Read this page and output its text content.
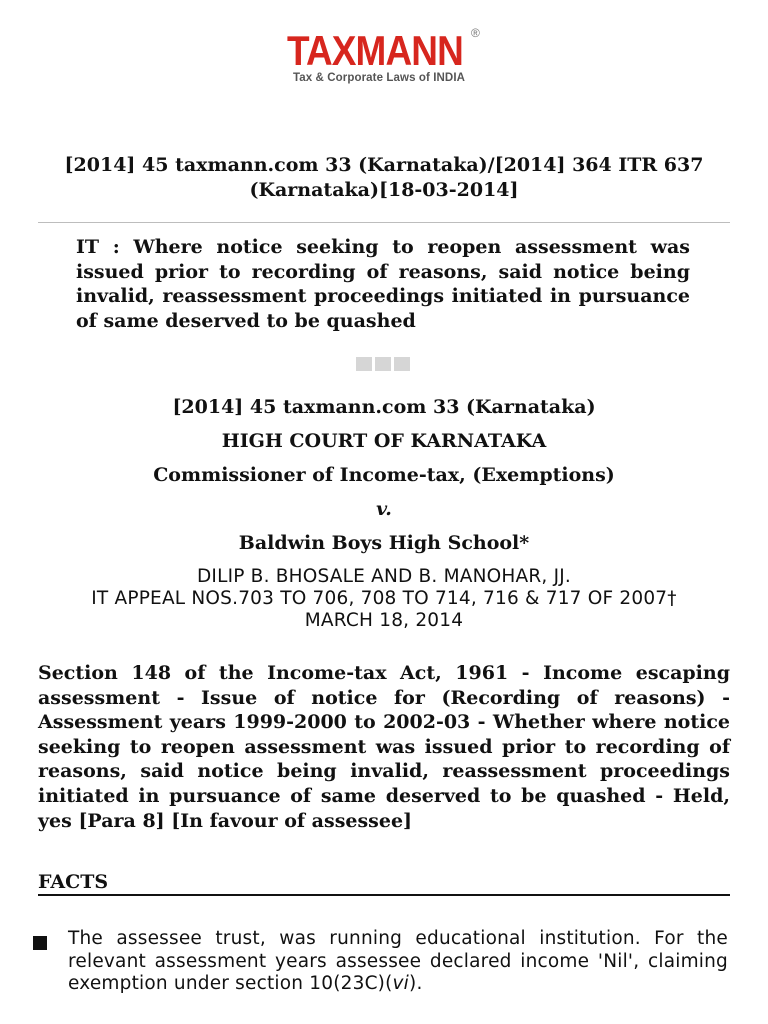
TAXMANN ®
Tax & Corporate Laws of INDIA
[2014] 45 taxmann.com 33 (Karnataka)/[2014] 364 ITR 637 (Karnataka)[18-03-2014]
IT : Where notice seeking to reopen assessment was issued prior to recording of reasons, said notice being invalid, reassessment proceedings initiated in pursuance of same deserved to be quashed
[2014] 45 taxmann.com 33 (Karnataka)
HIGH COURT OF KARNATAKA
Commissioner of Income-tax, (Exemptions)
v.
Baldwin Boys High School*
DILIP B. BHOSALE AND B. MANOHAR, JJ.
IT APPEAL NOS.703 TO 706, 708 TO 714, 716 & 717 OF 2007†
MARCH 18, 2014
Section 148 of the Income-tax Act, 1961 - Income escaping assessment - Issue of notice for (Recording of reasons) - Assessment years 1999-2000 to 2002-03 - Whether where notice seeking to reopen assessment was issued prior to recording of reasons, said notice being invalid, reassessment proceedings initiated in pursuance of same deserved to be quashed - Held, yes [Para 8] [In favour of assessee]
FACTS
The assessee trust, was running educational institution. For the relevant assessment years assessee declared income 'Nil', claiming exemption under section 10(23C)(vi).
